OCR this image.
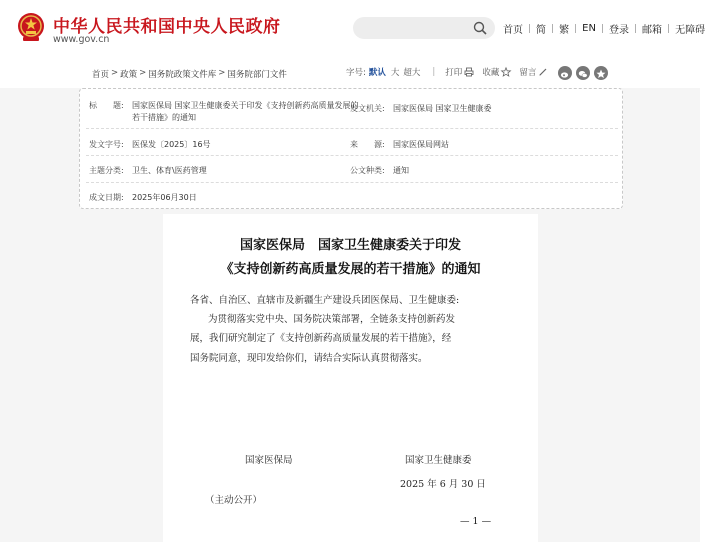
中华人民共和国中央人民政府
www.gov.cn
首页 | 简 | 繁 | EN | 登录 | 邮箱 | 无障碍
首页 > 政策 > 国务院政策文件库 > 国务院部门文件	字号: 默认 大 超大 | 打印 收藏 留言
标　　题: 国家医保局 国家卫生健康委关于印发《支持创新药高质量发展的
若干措施》的通知
发文机关: 国家医保局 国家卫生健康委
发文字号: 医保发〔2025〕16号	来　　源: 国家医保局网站
主题分类: 卫生、体育\医药管理	公文种类: 通知
成文日期: 2025年06月30日
国家医保局　国家卫生健康委关于印发
《支持创新药高质量发展的若干措施》的通知
各省、自治区、直辖市及新疆生产建设兵团医保局、卫生健康委:
为贯彻落实党中央、国务院决策部署，全链条支持创新药发
展，我们研究制定了《支持创新药高质量发展的若干措施》，经
国务院同意，现印发给你们，请结合实际认真贯彻落实。
国家医保局	国家卫生健康委
2025 年 6 月 30 日
（主动公开）
— 1 —
